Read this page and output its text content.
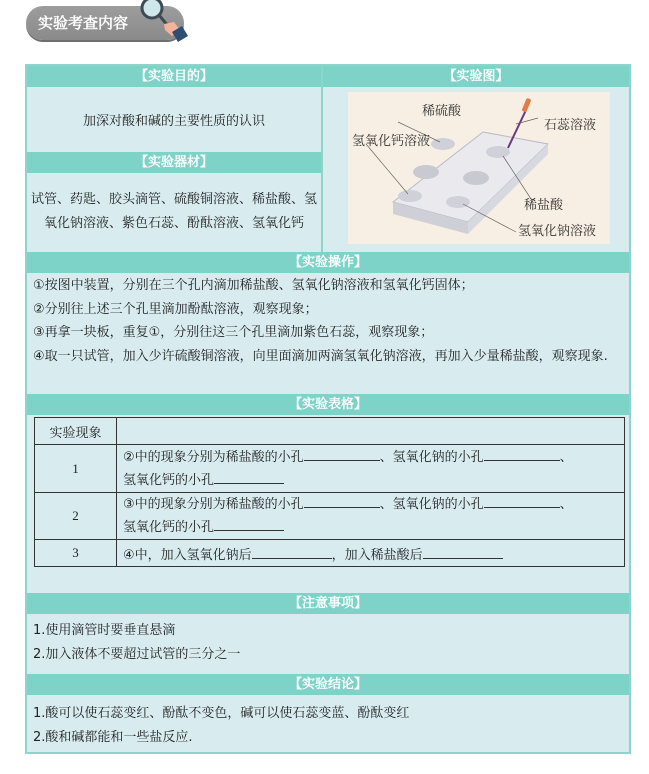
实验考查内容
【实验目的】
加深对酸和碱的主要性质的认识
【实验器材】
试管、药匙、胶头滴管、硫酸铜溶液、稀盐酸、氢
氧化钠溶液、紫色石蕊、酚酞溶液、氢氧化钙
【实验图】
稀硫酸
石蕊溶液
氢氧化钙溶液
稀盐酸
氢氧化钠溶液
【实验操作】
①按图中装置，分别在三个孔内滴加稀盐酸、氢氧化钠溶液和氢氧化钙固体；
②分别往上述三个孔里滴加酚酞溶液，观察现象；
③再拿一块板，重复①，分别往这三个孔里滴加紫色石蕊，观察现象；
④取一只试管，加入少许硫酸铜溶液，向里面滴加两滴氢氧化钠溶液，再加入少量稀盐酸，观察现象.
【实验表格】
实验现象	
1	②中的现象分别为稀盐酸的小孔 、氢氧化钠的小孔 、
氢氧化钙的小孔
2	③中的现象分别为稀盐酸的小孔 、氢氧化钠的小孔 、
氢氧化钙的小孔
3	④中，加入氢氧化钠后 ，加入稀盐酸后
【注意事项】
1.使用滴管时要垂直悬滴
2.加入液体不要超过试管的三分之一
【实验结论】
1.酸可以使石蕊变红、酚酞不变色，碱可以使石蕊变蓝、酚酞变红
2.酸和碱都能和一些盐反应.
